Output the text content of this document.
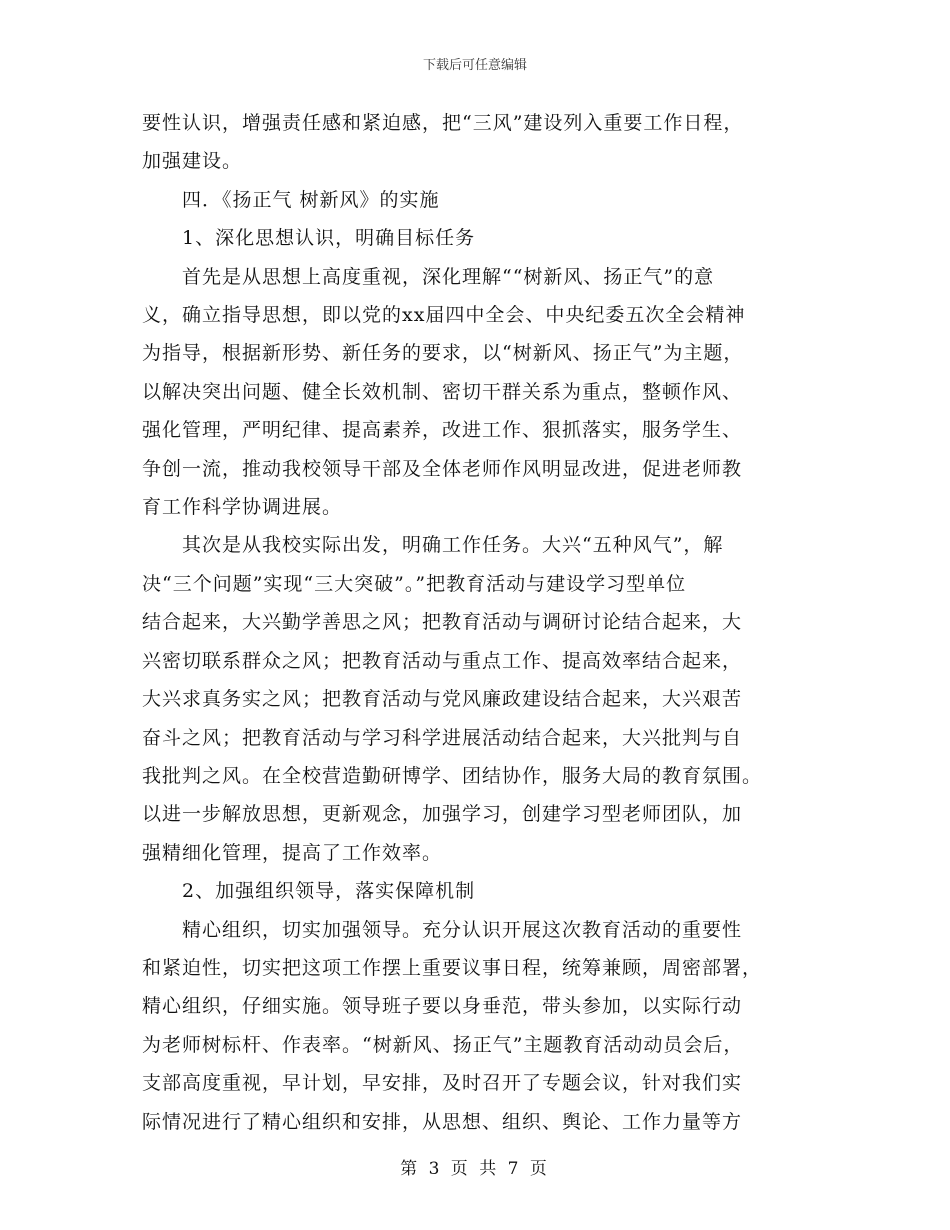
下载后可任意编辑

要性认识，增强责任感和紧迫感，把“三风”建设列入重要工作日程，

加强建设。

　　四．《扬正气 树新风》的实施

　　1、深化思想认识，明确目标任务

　　首先是从思想上高度重视，深化理解““树新风、扬正气”的意

义，确立指导思想，即以党的xx届四中全会、中央纪委五次全会精神

为指导，根据新形势、新任务的要求，以“树新风、扬正气”为主题，

以解决突出问题、健全长效机制、密切干群关系为重点，整顿作风、

强化管理，严明纪律、提高素养，改进工作、狠抓落实，服务学生、

争创一流，推动我校领导干部及全体老师作风明显改进，促进老师教

育工作科学协调进展。

　　其次是从我校实际出发，明确工作任务。大兴“五种风气”，解

决“三个问题”实现“三大突破”。”把教育活动与建设学习型单位

结合起来，大兴勤学善思之风；把教育活动与调研讨论结合起来，大

兴密切联系群众之风；把教育活动与重点工作、提高效率结合起来，

大兴求真务实之风；把教育活动与党风廉政建设结合起来，大兴艰苦

奋斗之风；把教育活动与学习科学进展活动结合起来，大兴批判与自

我批判之风。在全校营造勤研博学、团结协作，服务大局的教育氛围。

以进一步解放思想，更新观念，加强学习，创建学习型老师团队，加

强精细化管理，提高了工作效率。

　　2、加强组织领导，落实保障机制

　　精心组织，切实加强领导。充分认识开展这次教育活动的重要性

和紧迫性，切实把这项工作摆上重要议事日程，统筹兼顾，周密部署，

精心组织，仔细实施。领导班子要以身垂范，带头参加，以实际行动

为老师树标杆、作表率。“树新风、扬正气”主题教育活动动员会后，

支部高度重视，早计划，早安排，及时召开了专题会议，针对我们实

际情况进行了精心组织和安排，从思想、组织、舆论、工作力量等方

第 3 页 共 7 页
